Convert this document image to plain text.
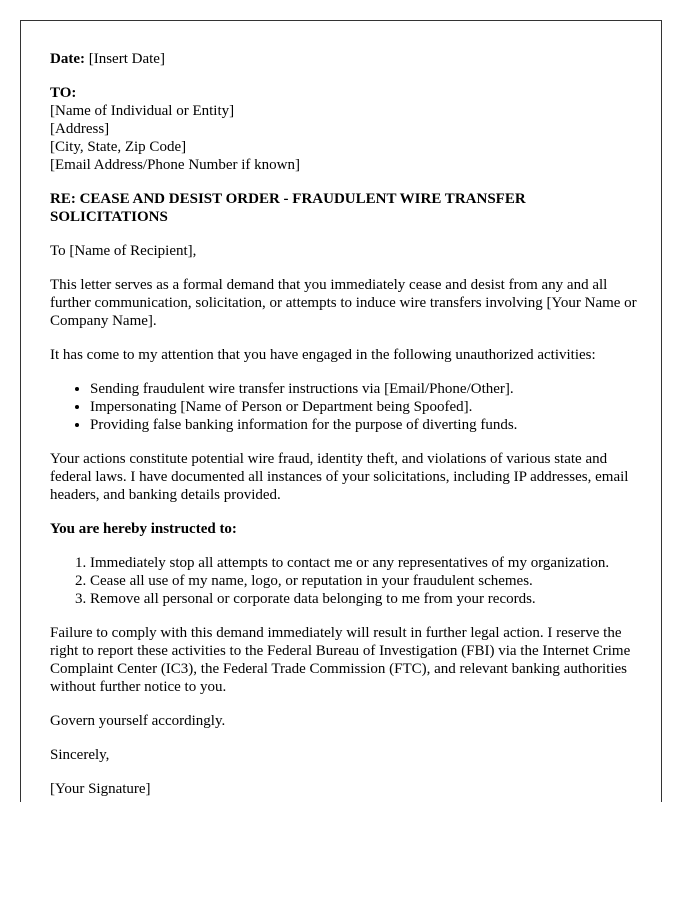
Date: [Insert Date]

TO:
[Name of Individual or Entity]
[Address]
[City, State, Zip Code]
[Email Address/Phone Number if known]

RE: CEASE AND DESIST ORDER - FRAUDULENT WIRE TRANSFER SOLICITATIONS

To [Name of Recipient],

This letter serves as a formal demand that you immediately cease and desist from any and all further communication, solicitation, or attempts to induce wire transfers involving [Your Name or Company Name].

It has come to my attention that you have engaged in the following unauthorized activities:

• Sending fraudulent wire transfer instructions via [Email/Phone/Other].
• Impersonating [Name of Person or Department being Spoofed].
• Providing false banking information for the purpose of diverting funds.

Your actions constitute potential wire fraud, identity theft, and violations of various state and federal laws. I have documented all instances of your solicitations, including IP addresses, email headers, and banking details provided.

You are hereby instructed to:

1. Immediately stop all attempts to contact me or any representatives of my organization.
2. Cease all use of my name, logo, or reputation in your fraudulent schemes.
3. Remove all personal or corporate data belonging to me from your records.

Failure to comply with this demand immediately will result in further legal action. I reserve the right to report these activities to the Federal Bureau of Investigation (FBI) via the Internet Crime Complaint Center (IC3), the Federal Trade Commission (FTC), and relevant banking authorities without further notice to you.

Govern yourself accordingly.

Sincerely,

[Your Signature]
